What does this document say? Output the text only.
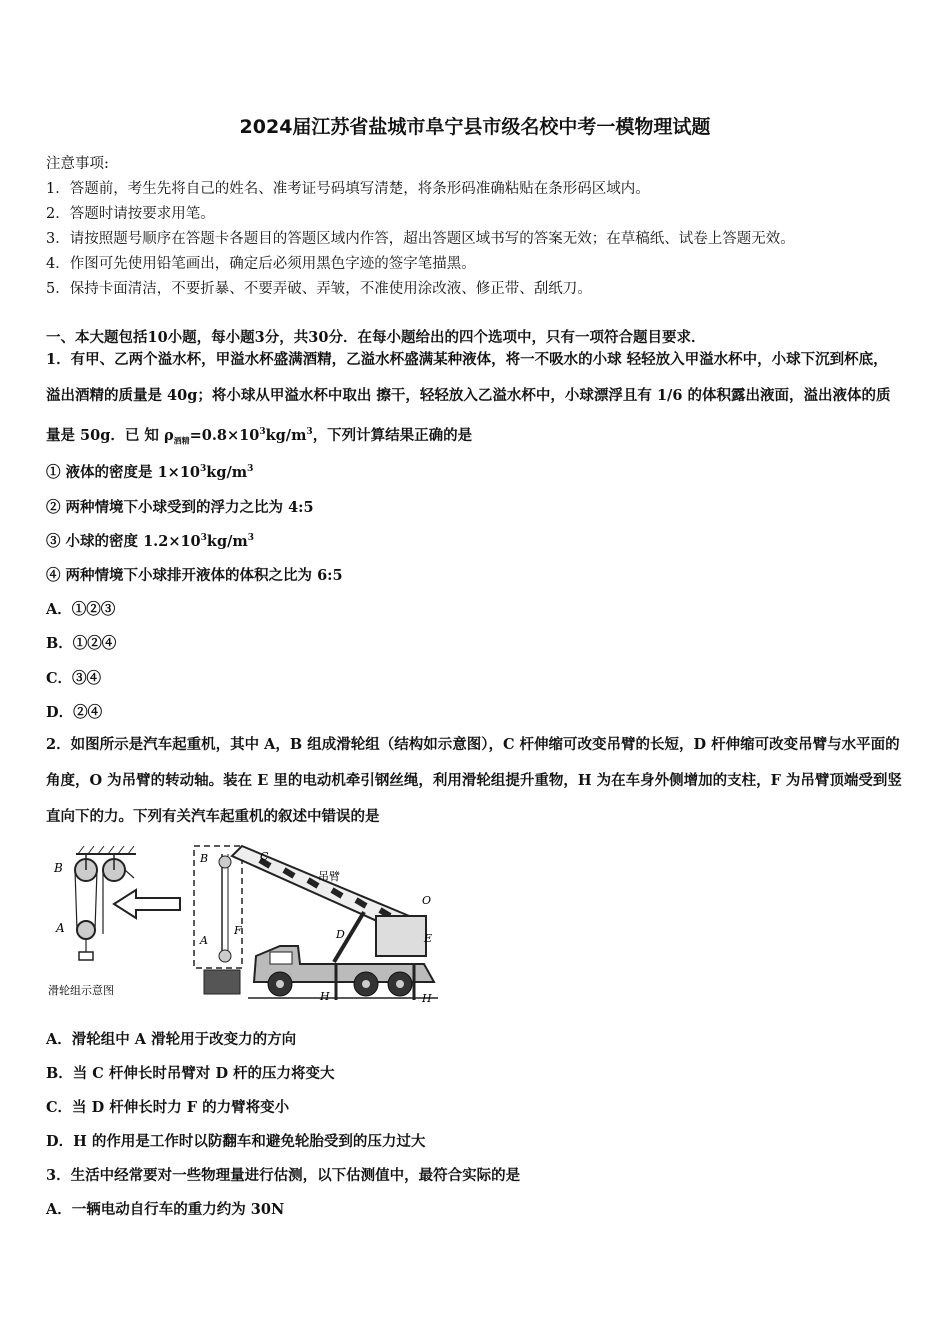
2024届江苏省盐城市阜宁县市级名校中考一模物理试题
注意事项:
1．答题前，考生先将自己的姓名、准考证号码填写清楚，将条形码准确粘贴在条形码区域内。
2．答题时请按要求用笔。
3．请按照题号顺序在答题卡各题目的答题区域内作答，超出答题区域书写的答案无效；在草稿纸、试卷上答题无效。
4．作图可先使用铅笔画出，确定后必须用黑色字迹的签字笔描黑。
5．保持卡面清洁，不要折暴、不要弄破、弄皱，不准使用涂改液、修正带、刮纸刀。
一、本大题包括10小题，每小题3分，共30分．在每小题给出的四个选项中，只有一项符合题目要求．
1．有甲、乙两个溢水杯，甲溢水杯盛满酒精，乙溢水杯盛满某种液体，将一不吸水的小球 轻轻放入甲溢水杯中，小球下沉到杯底，溢出酒精的质量是 40g；将小球从甲溢水杯中取出 擦干，轻轻放入乙溢水杯中，小球漂浮且有 1/6 的体积露出液面，溢出液体的质量是 50g．已 知 $\rho_{酒精}=0.8\times 10^3kg/m^3$，下列计算结果正确的是
① 液体的密度是 $1\times 10^3kg/m^3$
② 两种情境下小球受到的浮力之比为 4:5
③ 小球的密度 $1.2\times 10^3kg/m^3$
④ 两种情境下小球排开液体的体积之比为 6:5
A．①②③
B．①②④
C．③④
D．②④
2．如图所示是汽车起重机，其中 A，B 组成滑轮组（结构如示意图），C 杆伸缩可改变吊臂的长短，D 杆伸缩可改变吊臂与水平面的角度，O 为吊臂的转动轴。装在 E 里的电动机牵引钢丝绳，利用滑轮组提升重物，H 为在车身外侧增加的支柱，F 为吊臂顶端受到竖直向下的力。下列有关汽车起重机的叙述中错误的是
B
A
滑轮组示意图
B
A
F
C
吊臂
O
D	E
H	H
A．滑轮组中 A 滑轮用于改变力的方向
B．当 C 杆伸长时吊臂对 D 杆的压力将变大
C．当 D 杆伸长时力 F 的力臂将变小
D．H 的作用是工作时以防翻车和避免轮胎受到的压力过大
3．生活中经常要对一些物理量进行估测，以下估测值中，最符合实际的是
A．一辆电动自行车的重力约为 30N
